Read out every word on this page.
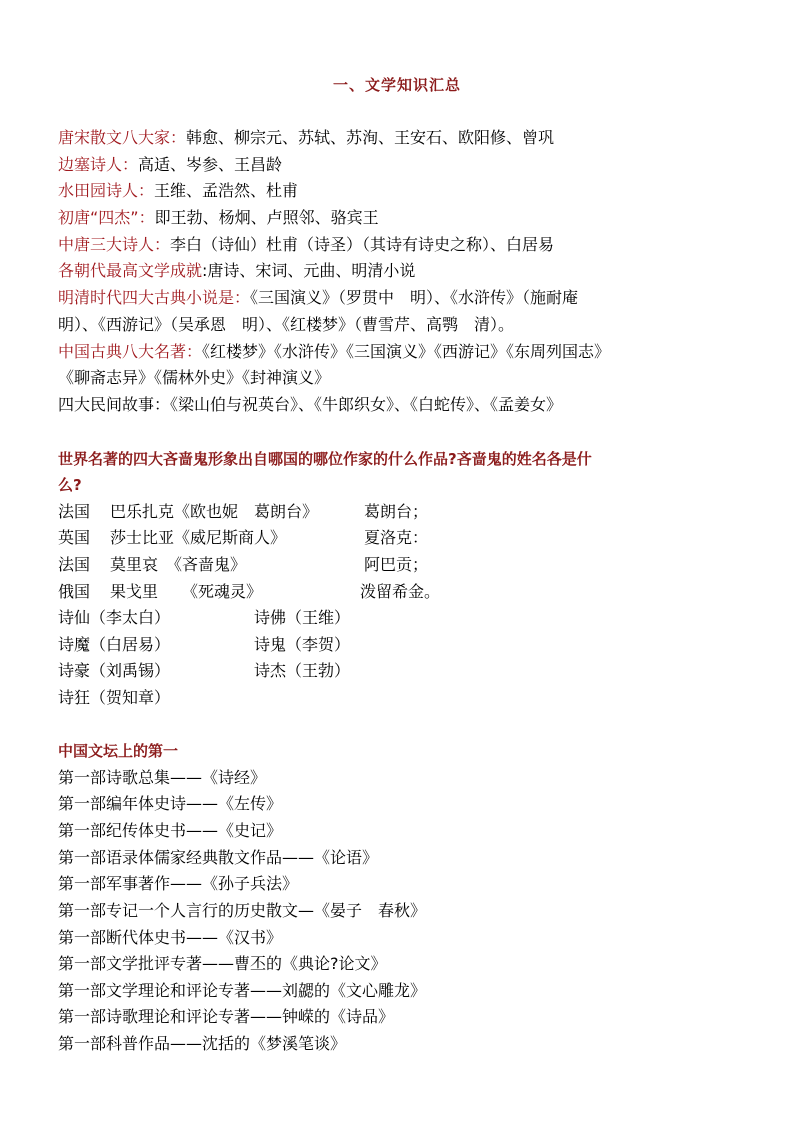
一、文学知识汇总
唐宋散文八大家：韩愈、柳宗元、苏轼、苏洵、王安石、欧阳修、曾巩
边塞诗人：高适、岑参、王昌龄
水田园诗人：王维、孟浩然、杜甫
初唐“四杰”：即王勃、杨炯、卢照邻、骆宾王
中唐三大诗人：李白（诗仙）杜甫（诗圣）（其诗有诗史之称）、白居易
各朝代最高文学成就:唐诗、宋词、元曲、明清小说
明清时代四大古典小说是：《三国演义》（罗贯中　明）、《水浒传》（施耐庵
明）、《西游记》（吴承恩　明）、《红楼梦》（曹雪芹、高鹗　清）。
中国古典八大名著：《红楼梦》《水浒传》《三国演义》《西游记》《东周列国志》
《聊斋志异》《儒林外史》《封神演义》
四大民间故事：《梁山伯与祝英台》、《牛郎织女》、《白蛇传》、《孟姜女》
世界名著的四大吝啬鬼形象出自哪国的哪位作家的什么作品?吝啬鬼的姓名各是什
么?
法国 巴乐扎克《欧也妮　葛朗台》	葛朗台；
英国 莎士比亚《威尼斯商人》	夏洛克：
法国 莫里哀　《吝啬鬼》	阿巴贡；
俄国 果戈里　　《死魂灵》	泼留希金。
诗仙（李太白）	诗佛（王维）
诗魔（白居易）	诗鬼（李贺）
诗豪（刘禹锡）	诗杰（王勃）
诗狂（贺知章）
中国文坛上的第一
第一部诗歌总集——《诗经》
第一部编年体史诗——《左传》
第一部纪传体史书——《史记》
第一部语录体儒家经典散文作品——《论语》
第一部军事著作——《孙子兵法》
第一部专记一个人言行的历史散文—《晏子　春秋》
第一部断代体史书——《汉书》
第一部文学批评专著——曹丕的《典论?论文》
第一部文学理论和评论专著——刘勰的《文心雕龙》
第一部诗歌理论和评论专著——钟嵘的《诗品》
第一部科普作品——沈括的《梦溪笔谈》
